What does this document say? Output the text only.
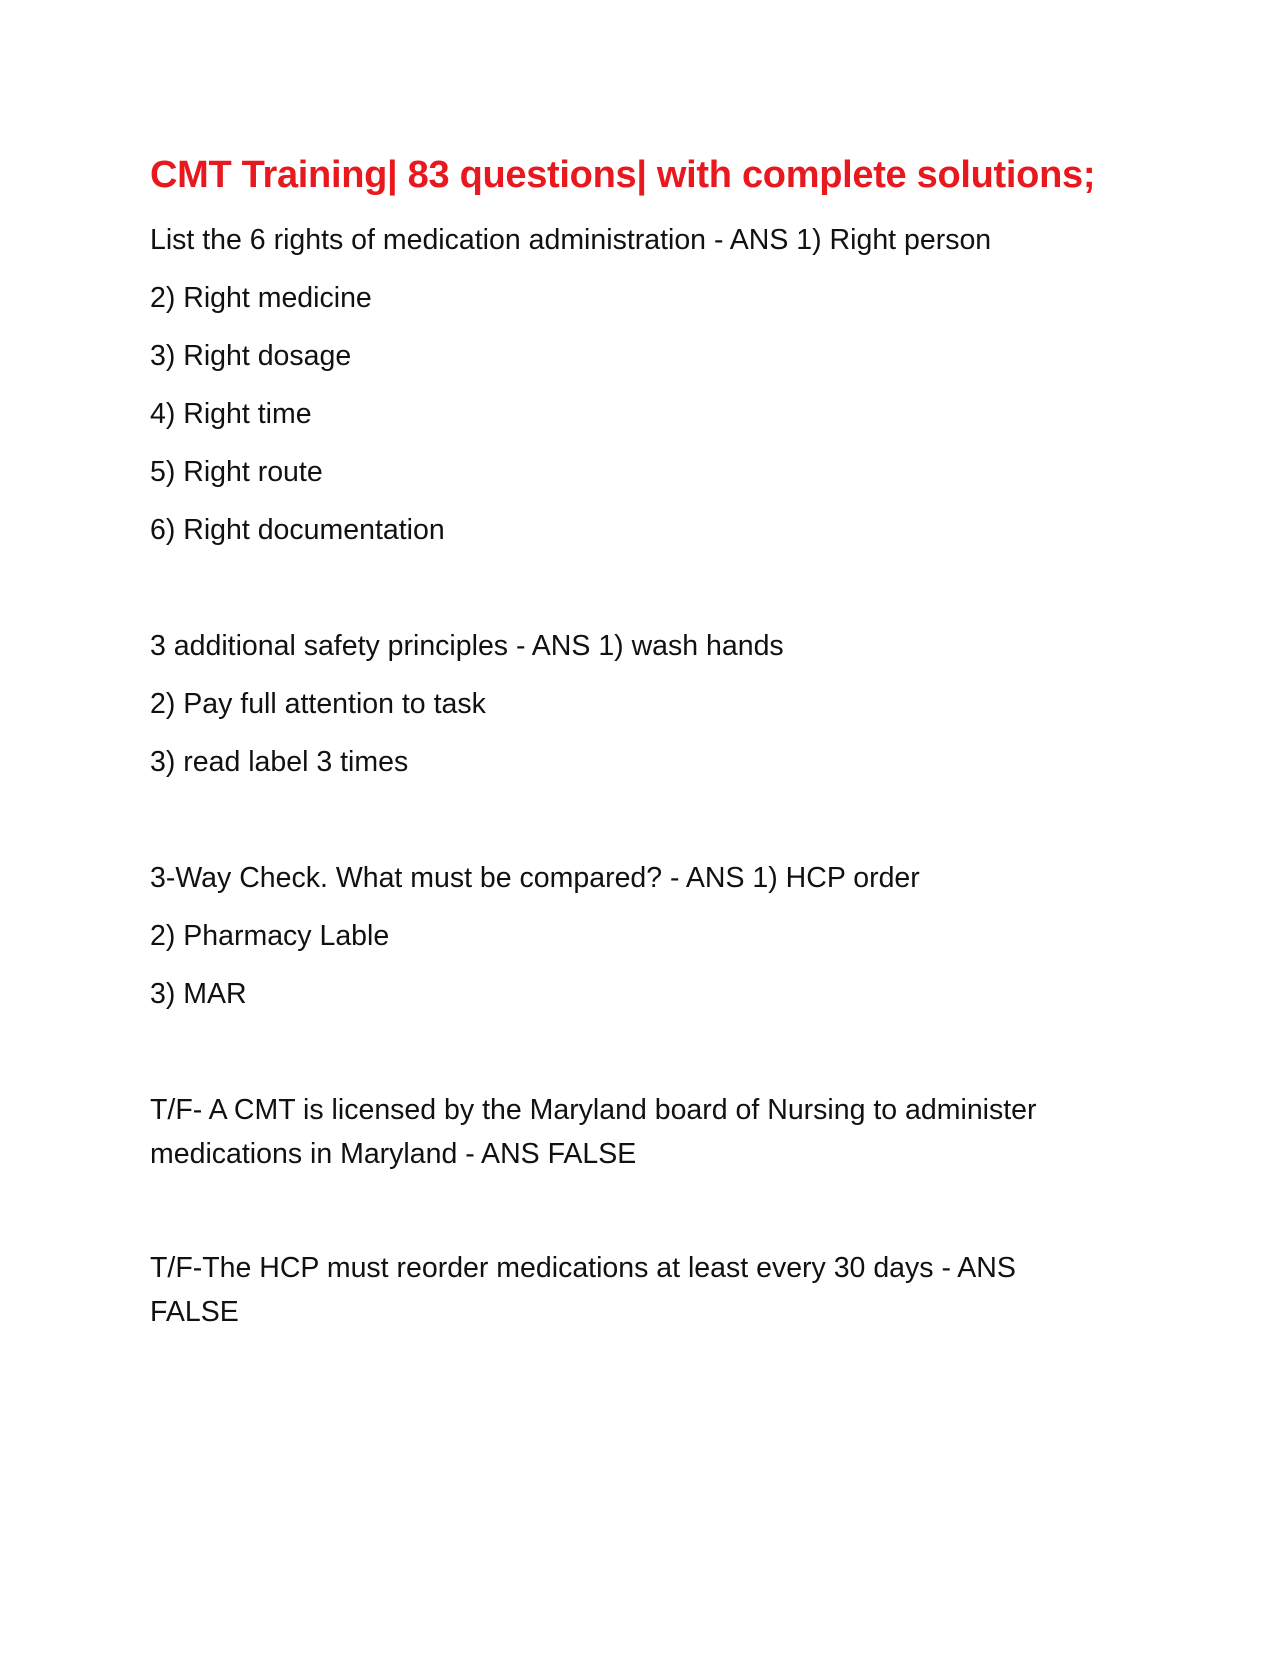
CMT Training| 83 questions| with complete solutions;
List the 6 rights of medication administration - ANS 1) Right person
2) Right medicine
3) Right dosage
4) Right time
5) Right route
6) Right documentation
3 additional safety principles - ANS 1) wash hands
2) Pay full attention to task
3) read label 3 times
3-Way Check. What must be compared? - ANS 1) HCP order
2) Pharmacy Lable
3) MAR
T/F- A CMT is licensed by the Maryland board of Nursing to administer
medications in Maryland - ANS FALSE
T/F-The HCP must reorder medications at least every 30 days - ANS
FALSE
